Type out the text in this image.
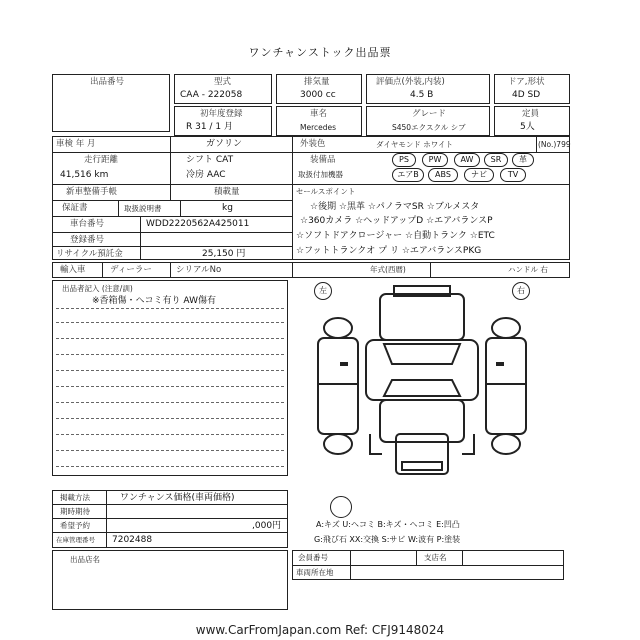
ワンチャンストック出品票
出品番号	型式
CAA - 222058
排気量
3000 cc
評価点(外装,内装)
4.5 B
ドア,形状
4D SD
初年度登録
R 31 / 1 月
車名
Mercedes
グレード
S450エクスクル シブ
定員
5人
車検 年 月	ガソリン	外装色	ダイヤモンド ホワイト	(No.)799
走行距離
41,516 km
シフト CAT
冷房 AAC
装備品
取扱付加機器
PS	PW	AW	SR	革
エアB	ABS	ナビ	TV
新車整備手帳	積載量
保証書	取扱説明書	kg
セールスポイント
☆後期 ☆黒革 ☆パノラマSR ☆ブルメスタ
☆360カメラ ☆ヘッドアップD ☆エアバランスP
☆ソフトドアクロージャー ☆自動トランク ☆ETC
☆フットトランクオ プ リ ☆エアバランスPKG
車台番号	WDD2220562A425011
登録番号
リサイクル預託金	25,150 円
輸入車	ディーラー	シリアルNo	年式(西暦)	ハンドル 右
出品者記入 (注意/訓)
※香箱傷・ヘコミ有り AW傷有
左	右
掲載方法	ワンチャンス価格(車両価格)
期時期待
希望予約	,000円
在庫管理番号 7202488
A:キズ U:ヘコミ B:キズ・ヘコミ E:凹凸
G:飛び石 XX:交換 S:サビ W:波有 P:塗装
出品店名	会員番号	支店名
車両所在地
www.CarFromJapan.com Ref: CFJ9148024
